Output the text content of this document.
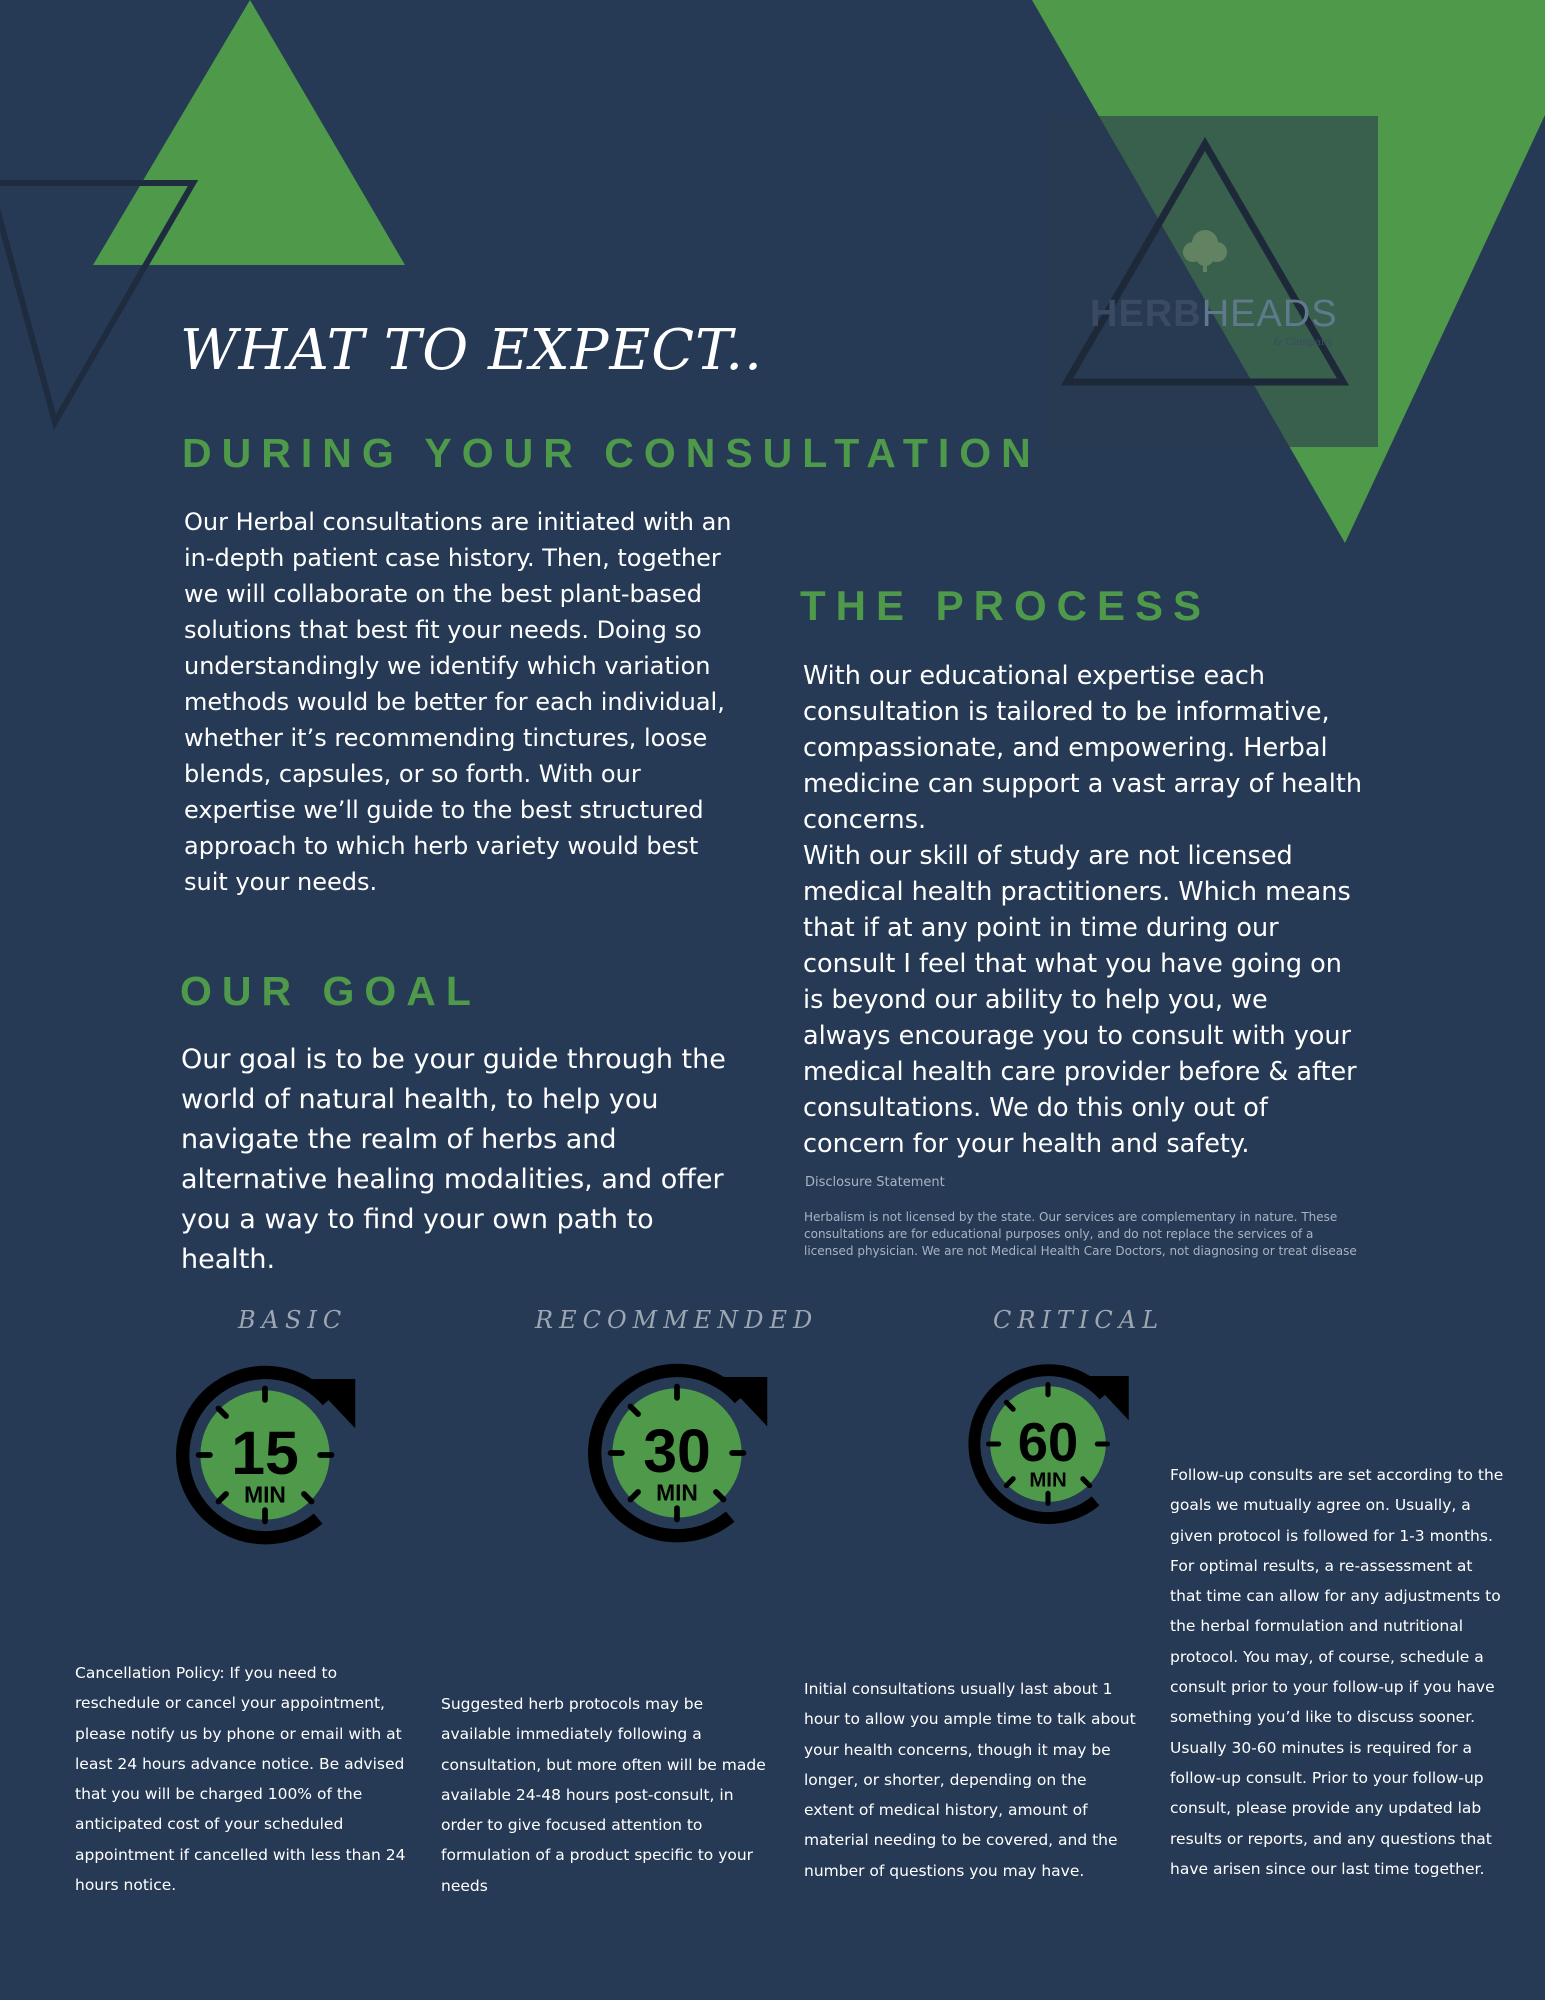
HERBHEADS
& Company
WHAT TO EXPECT..
DURING YOUR CONSULTATION

Our Herbal consultations are initiated with an in-depth patient case history. Then, together we will collaborate on the best plant-based solutions that best fit your needs. Doing so understandingly we identify which variation methods would be better for each individual, whether it’s recommending tinctures, loose blends, capsules, or so forth. With our expertise we’ll guide to the best structured approach to which herb variety would best suit your needs.

THE PROCESS

With our educational expertise each consultation is tailored to be informative, compassionate, and empowering. Herbal medicine can support a vast array of health concerns.
With our skill of study are not licensed medical health practitioners. Which means that if at any point in time during our consult I feel that what you have going on is beyond our ability to help you, we always encourage you to consult with your medical health care provider before & after consultations. We do this only out of concern for your health and safety.

OUR GOAL

Our goal is to be your guide through the world of natural health, to help you navigate the realm of herbs and alternative healing modalities, and offer you a way to find your own path to health.

Disclosure Statement

Herbalism is not licensed by the state. Our services are complementary in nature. These consultations are for educational purposes only, and do not replace the services of a licensed physician. We are not Medical Health Care Doctors, not diagnosing or treat disease

BASIC	RECOMMENDED	CRITICAL
15
MIN
30
MIN
60
MIN

Cancellation Policy: If you need to reschedule or cancel your appointment, please notify us by phone or email with at least 24 hours advance notice. Be advised that you will be charged 100% of the anticipated cost of your scheduled appointment if cancelled with less than 24 hours notice.

Suggested herb protocols may be available immediately following a consultation, but more often will be made available 24-48 hours post-consult, in order to give focused attention to formulation of a product specific to your needs

Initial consultations usually last about 1 hour to allow you ample time to talk about your health concerns, though it may be longer, or shorter, depending on the extent of medical history, amount of material needing to be covered, and the number of questions you may have.

Follow-up consults are set according to the goals we mutually agree on. Usually, a given protocol is followed for 1-3 months. For optimal results, a re-assessment at that time can allow for any adjustments to the herbal formulation and nutritional protocol. You may, of course, schedule a consult prior to your follow-up if you have something you’d like to discuss sooner. Usually 30-60 minutes is required for a follow-up consult. Prior to your follow-up consult, please provide any updated lab results or reports, and any questions that have arisen since our last time together.
